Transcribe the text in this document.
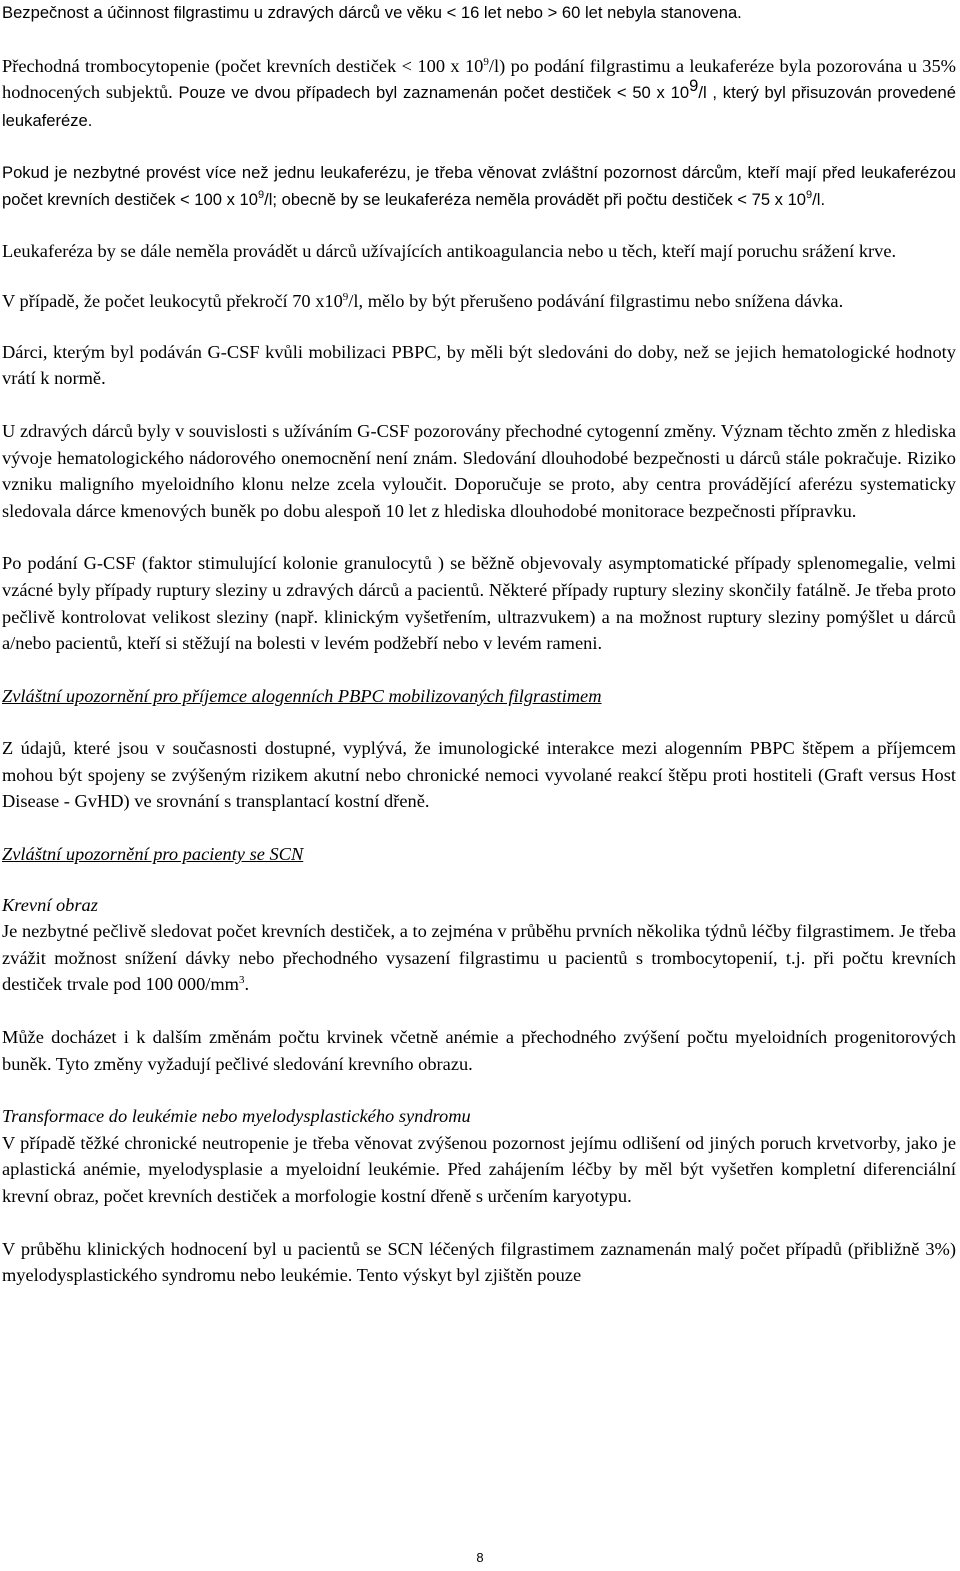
Bezpečnost a účinnost filgrastimu u zdravých dárců ve věku < 16 let nebo > 60 let nebyla stanovena.

Přechodná trombocytopenie (počet krevních destiček < 100 x $10^9/l$) po podání filgrastimu a leukaferéze byla pozorována u 35% hodnocených subjektů. Pouze ve dvou případech byl zaznamenán počet destiček < 50 x $10^9/l$ , který byl přisuzován provedené leukaferéze.

Pokud je nezbytné provést více než jednu leukaferézu, je třeba věnovat zvláštní pozornost dárcům, kteří mají před leukaferézou počet krevních destiček < 100 x $10^9/l$; obecně by se leukaferéza neměla provádět při počtu destiček < 75 x $10^9/l$.

Leukaferéza by se dále neměla provádět u dárců užívajících antikoagulancia nebo u těch, kteří mají poruchu srážení krve.

V případě, že počet leukocytů překročí 70 $x10^9/l$, mělo by být přerušeno podávání filgrastimu nebo snížena dávka.

Dárci, kterým byl podáván G-CSF kvůli mobilizaci PBPC, by měli být sledováni do doby, než se jejich hematologické hodnoty vrátí k normě.

U zdravých dárců byly v souvislosti s užíváním G-CSF pozorovány přechodné cytogenní změny. Význam těchto změn z hlediska vývoje hematologického nádorového onemocnění není znám. Sledování dlouhodobé bezpečnosti u dárců stále pokračuje. Riziko vzniku maligního myeloidního klonu nelze zcela vyloučit. Doporučuje se proto, aby centra provádějící aferézu systematicky sledovala dárce kmenových buněk po dobu alespoň 10 let z hlediska dlouhodobé monitorace bezpečnosti přípravku.

Po podání G-CSF (faktor stimulující kolonie granulocytů ) se běžně objevovaly asymptomatické případy splenomegalie, velmi vzácné byly případy ruptury sleziny u zdravých dárců a pacientů. Některé případy ruptury sleziny skončily fatálně. Je třeba proto pečlivě kontrolovat velikost sleziny (např. klinickým vyšetřením, ultrazvukem) a na možnost ruptury sleziny pomýšlet u dárců a/nebo pacientů, kteří si stěžují na bolesti v levém podžebří nebo v levém rameni.

Zvláštní upozornění pro příjemce alogenních PBPC mobilizovaných filgrastimem

Z údajů, které jsou v současnosti dostupné, vyplývá, že imunologické interakce mezi alogenním PBPC štěpem a příjemcem mohou být spojeny se zvýšeným rizikem akutní nebo chronické nemoci vyvolané reakcí štěpu proti hostiteli (Graft versus Host Disease - GvHD) ve srovnání s transplantací kostní dřeně.

Zvláštní upozornění pro pacienty se SCN

Krevní obraz

Je nezbytné pečlivě sledovat počet krevních destiček, a to zejména v průběhu prvních několika týdnů léčby filgrastimem. Je třeba zvážit možnost snížení dávky nebo přechodného vysazení filgrastimu u pacientů s trombocytopenií, t.j. při počtu krevních destiček trvale pod 100 $000/mm^3$.

Může docházet i k dalším změnám počtu krvinek včetně anémie a přechodného zvýšení počtu myeloidních progenitorových buněk. Tyto změny vyžadují pečlivé sledování krevního obrazu.

Transformace do leukémie nebo myelodysplastického syndromu

V případě těžké chronické neutropenie je třeba věnovat zvýšenou pozornost jejímu odlišení od jiných poruch krvetvorby, jako je aplastická anémie, myelodysplasie a myeloidní leukémie. Před zahájením léčby by měl být vyšetřen kompletní diferenciální krevní obraz, počet krevních destiček a morfologie kostní dřeně s určením karyotypu.

V průběhu klinických hodnocení byl u pacientů se SCN léčených filgrastimem zaznamenán malý počet případů (přibližně 3%) myelodysplastického syndromu nebo leukémie. Tento výskyt byl zjištěn pouze

8
